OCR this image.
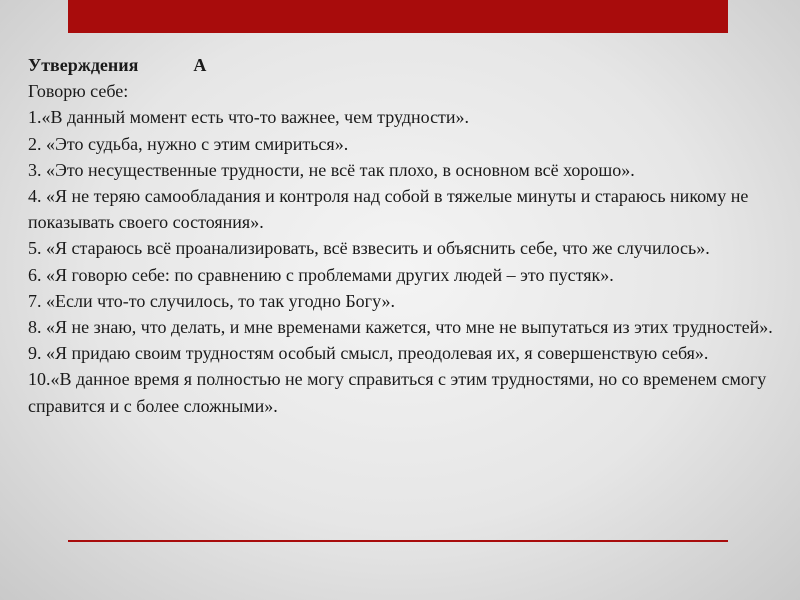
Утверждения	А
Говорю себе:

1.«В данный момент есть что-то важнее, чем трудности».

2. «Это судьба, нужно с этим смириться».

3. «Это несущественные трудности, не всё так плохо, в основном всё хорошо».

4. «Я не теряю самообладания и контроля над собой в тяжелые минуты и стараюсь никому не показывать своего состояния».

5. «Я стараюсь всё проанализировать, всё взвесить и объяснить себе, что же случилось».

6. «Я говорю себе: по сравнению с проблемами других людей – это пустяк».

7. «Если что-то случилось, то так угодно Богу».

8. «Я не знаю, что делать, и мне временами кажется, что мне не выпутаться из этих трудностей».

9. «Я придаю своим трудностям особый смысл, преодолевая их, я совершенствую себя».

10.«В данное время я полностью не могу справиться с этим трудностями, но со временем смогу справится и с более сложными».
